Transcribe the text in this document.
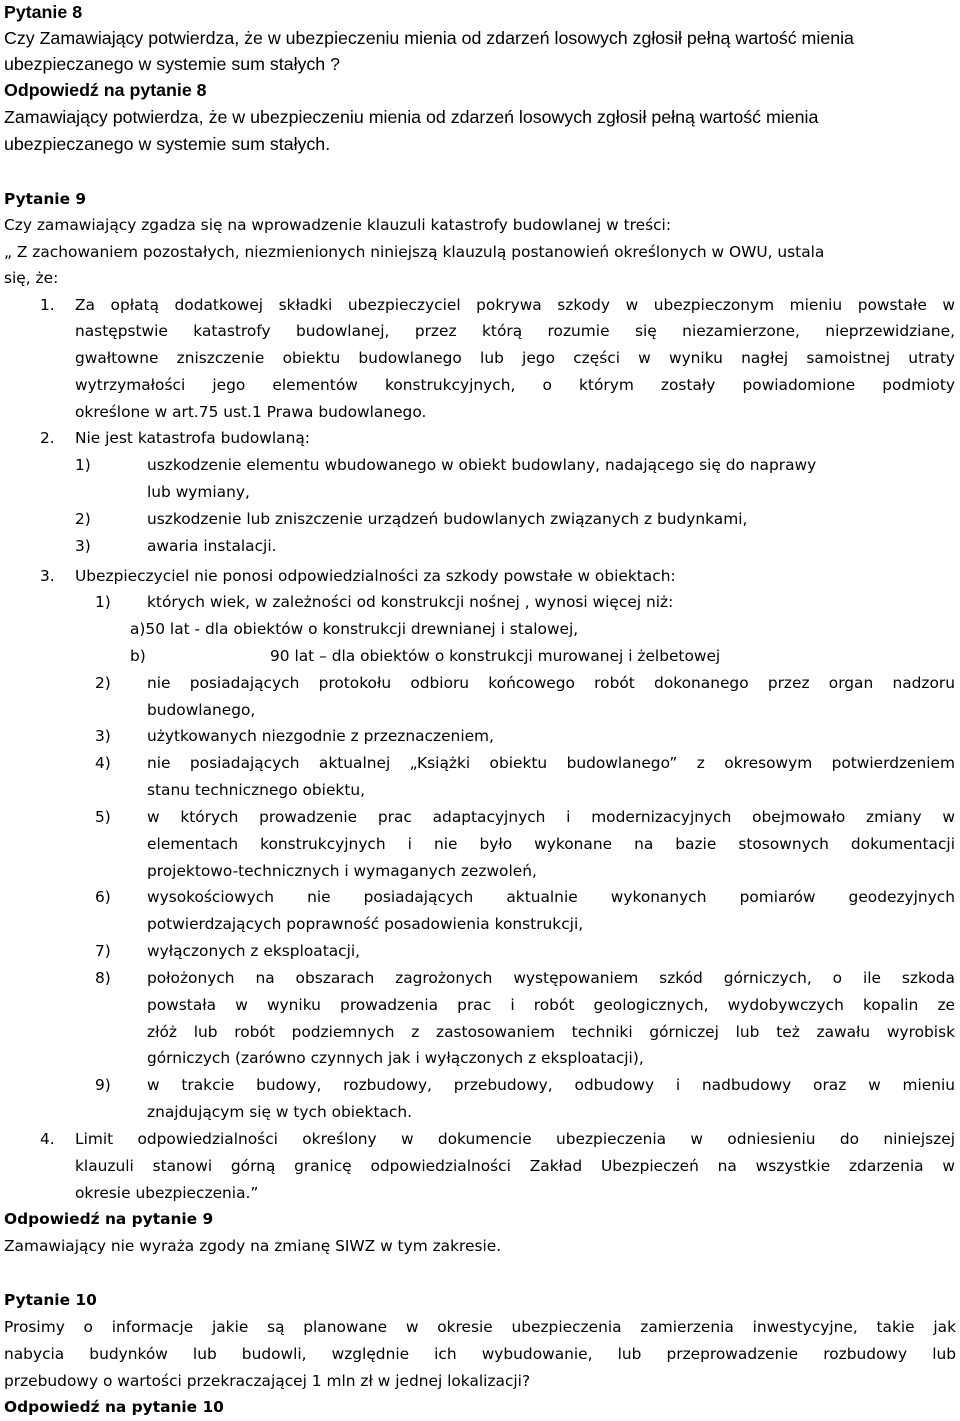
Pytanie 8
Czy Zamawiający potwierdza, że w ubezpieczeniu mienia od zdarzeń losowych zgłosił pełną wartość mienia
ubezpieczanego w systemie sum stałych ?
Odpowiedź na pytanie 8
Zamawiający potwierdza, że w ubezpieczeniu mienia od zdarzeń losowych zgłosił pełną wartość mienia
ubezpieczanego w systemie sum stałych.
Pytanie 9
Czy zamawiający zgadza się na wprowadzenie klauzuli katastrofy budowlanej w treści:
„ Z zachowaniem pozostałych, niezmienionych niniejszą klauzulą postanowień określonych w OWU, ustala
się, że:
1. Za opłatą dodatkowej składki ubezpieczyciel pokrywa szkody w ubezpieczonym mieniu powstałe w
następstwie katastrofy budowlanej, przez którą rozumie się niezamierzone, nieprzewidziane,
gwałtowne zniszczenie obiektu budowlanego lub jego części w wyniku nagłej samoistnej utraty
wytrzymałości jego elementów konstrukcyjnych, o którym zostały powiadomione podmioty
określone w art.75 ust.1 Prawa budowlanego.
2. Nie jest katastrofa budowlaną:
1)	uszkodzenie elementu wbudowanego w obiekt budowlany, nadającego się do naprawy
lub wymiany,
2)	uszkodzenie lub zniszczenie urządzeń budowlanych związanych z budynkami,
3)	awaria instalacji.
3. Ubezpieczyciel nie ponosi odpowiedzialności za szkody powstałe w obiektach:
1) których wiek, w zależności od konstrukcji nośnej , wynosi więcej niż:
a)50 lat - dla obiektów o konstrukcji drewnianej i stalowej,
b)	90 lat – dla obiektów o konstrukcji murowanej i żelbetowej
2) nie posiadających protokołu odbioru końcowego robót dokonanego przez organ nadzoru
budowlanego,
3) użytkowanych niezgodnie z przeznaczeniem,
4) nie posiadających aktualnej „Książki obiektu budowlanego” z okresowym potwierdzeniem
stanu technicznego obiektu,
5) w których prowadzenie prac adaptacyjnych i modernizacyjnych obejmowało zmiany w
elementach konstrukcyjnych i nie było wykonane na bazie stosownych dokumentacji
projektowo-technicznych i wymaganych zezwoleń,
6) wysokościowych nie posiadających aktualnie wykonanych pomiarów geodezyjnych
potwierdzających poprawność posadowienia konstrukcji,
7) wyłączonych z eksploatacji,
8) położonych na obszarach zagrożonych występowaniem szkód górniczych, o ile szkoda
powstała w wyniku prowadzenia prac i robót geologicznych, wydobywczych kopalin ze
złóż lub robót podziemnych z zastosowaniem techniki górniczej lub też zawału wyrobisk
górniczych (zarówno czynnych jak i wyłączonych z eksploatacji),
9) w trakcie budowy, rozbudowy, przebudowy, odbudowy i nadbudowy oraz w mieniu
znajdującym się w tych obiektach.
4. Limit odpowiedzialności określony w dokumencie ubezpieczenia w odniesieniu do niniejszej
klauzuli stanowi górną granicę odpowiedzialności Zakład Ubezpieczeń na wszystkie zdarzenia w
okresie ubezpieczenia.”
Odpowiedź na pytanie 9
Zamawiający nie wyraża zgody na zmianę SIWZ w tym zakresie.
Pytanie 10
Prosimy o informacje jakie są planowane w okresie ubezpieczenia zamierzenia inwestycyjne, takie jak
nabycia budynków lub budowli, względnie ich wybudowanie, lub przeprowadzenie rozbudowy lub
przebudowy o wartości przekraczającej 1 mln zł w jednej lokalizacji?
Odpowiedź na pytanie 10
